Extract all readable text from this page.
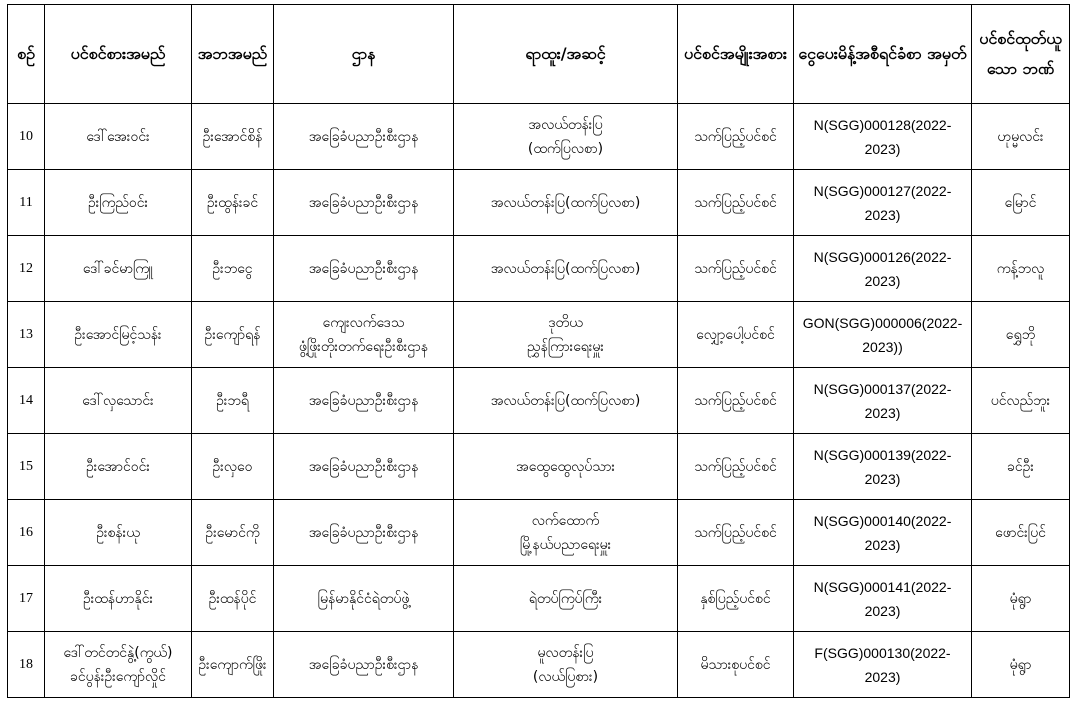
စဉ်	ပင်စင်စားအမည်	အဘအမည်	ဌာန	ရာထူး/အဆင့်	ပင်စင်အမျိုးအစား	ငွေပေးမိန့်အစီရင်ခံစာ အမှတ်	ပင်စင်ထုတ်ယူသော ဘဏ်
10	ဒေါ်အေးဝင်း	ဦးအောင်စိန်	အခြေခံပညာဦးစီးဌာန	အလယ်တန်းပြ
(ထက်ပြလစာ)	သက်ပြည့်ပင်စင်	N(SGG)000128(2022-2023)	ဟုမ္မလင်း

11	ဦးကြည်ဝင်း	ဦးထွန်းခင်	အခြေခံပညာဦးစီးဌာန	အလယ်တန်းပြ(ထက်ပြလစာ)	သက်ပြည့်ပင်စင်	N(SGG)000127(2022-2023)	မြောင်

12	ဒေါ်ခင်မာကြူ	ဦးဘငွေ	အခြေခံပညာဦးစီးဌာန	အလယ်တန်းပြ(ထက်ပြလစာ)	သက်ပြည့်ပင်စင်	N(SGG)000126(2022-2023)	ကန့်ဘလူ

13	ဦးအောင်မြင့်သန်း	ဦးကျော်ရန်	ကျေးလက်ဒေသ
ဖွံ့ဖြိုးတိုးတက်ရေးဦးစီးဌာန	ဒုတိယ
ညွှန်ကြားရေးမှူး	လျှော့ပေါ့ပင်စင်	GON(SGG)000006(2022-
2023))	ရွှေဘို

14	ဒေါ်လှသောင်း	ဦးဘရီ	အခြေခံပညာဦးစီးဌာန	အလယ်တန်းပြ(ထက်ပြလစာ)	သက်ပြည့်ပင်စင်	N(SGG)000137(2022-2023)	ပင်လည်ဘူး

15	ဦးအောင်ဝင်း	ဦးလှဝေ	အခြေခံပညာဦးစီးဌာန	အထွေထွေလုပ်သား	သက်ပြည့်ပင်စင်	N(SGG)000139(2022-2023)	ခင်ဦး

16	ဦးစန်းယု	ဦးမောင်ကို	အခြေခံပညာဦးစီးဌာန	လက်ထောက်
မြို့နယ်ပညာရေးမှူး	သက်ပြည့်ပင်စင်	N(SGG)000140(2022-2023)	ဖောင်းပြင်

17	ဦးထန်ဟာနိုင်း	ဦးထန်ပိုင်	မြန်မာနိုင်ငံရဲတပ်ဖွဲ့	ရဲတပ်ကြပ်ကြီး	နှစ်ပြည့်ပင်စင်	N(SGG)000141(2022-2023)	မုံရွာ

18	ဒေါ်တင်တင်နွဲ့(ကွယ်)
ခင်ပွန်းဦးကျော်လှိုင်	ဦးကျောက်ဖြိုး	အခြေခံပညာဦးစီးဌာန	မူလတန်းပြ
(လယ်ပြစား)	မိသားစုပင်စင်	F(SGG)000130(2022-2023)	မုံရွာ
